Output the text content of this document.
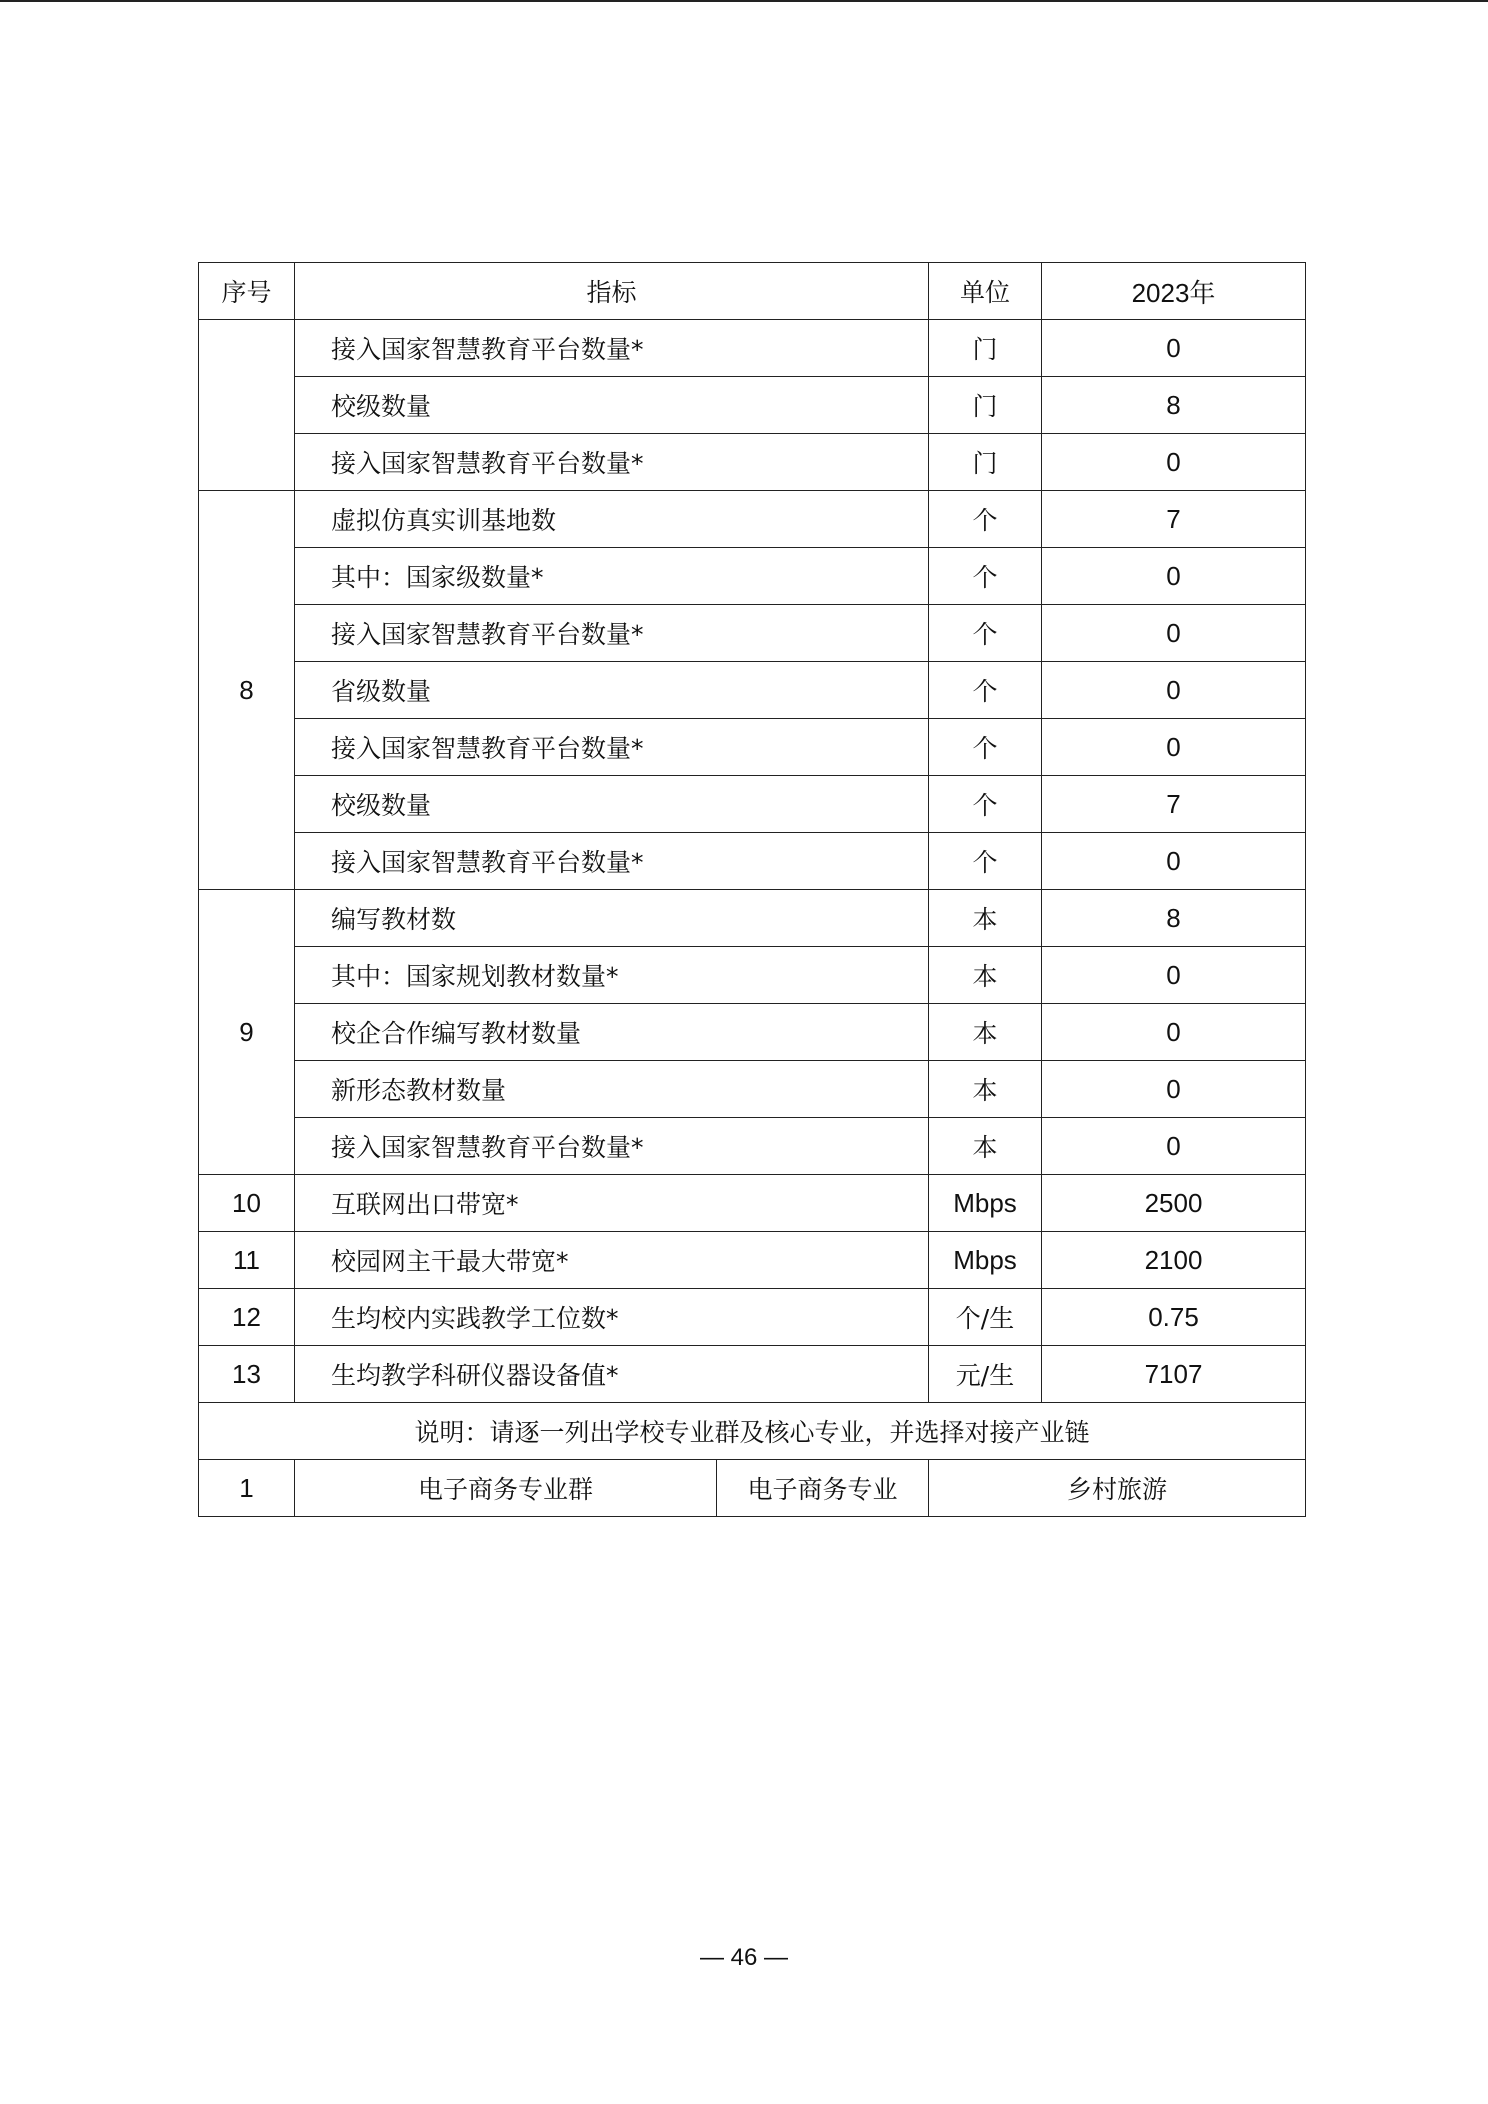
序号	指标		单位	2023年
	接入国家智慧教育平台数量*		门	0
	校级数量		门	8
	接入国家智慧教育平台数量*		门	0
8	虚拟仿真实训基地数		个	7
	其中：国家级数量*		个	0
	接入国家智慧教育平台数量*		个	0
	省级数量		个	0
	接入国家智慧教育平台数量*		个	0
	校级数量		个	7
	接入国家智慧教育平台数量*		个	0
9	编写教材数		本	8
	其中：国家规划教材数量*		本	0
	校企合作编写教材数量		本	0
	新形态教材数量		本	0
	接入国家智慧教育平台数量*		本	0
10	互联网出口带宽*		Mbps	2500
11	校园网主干最大带宽*		Mbps	2100
12	生均校内实践教学工位数*		个/生	0.75
13	生均教学科研仪器设备值*		元/生	7107
说明：请逐一列出学校专业群及核心专业，并选择对接产业链				
1	电子商务专业群	电子商务专业	乡村旅游	
— 46 —
